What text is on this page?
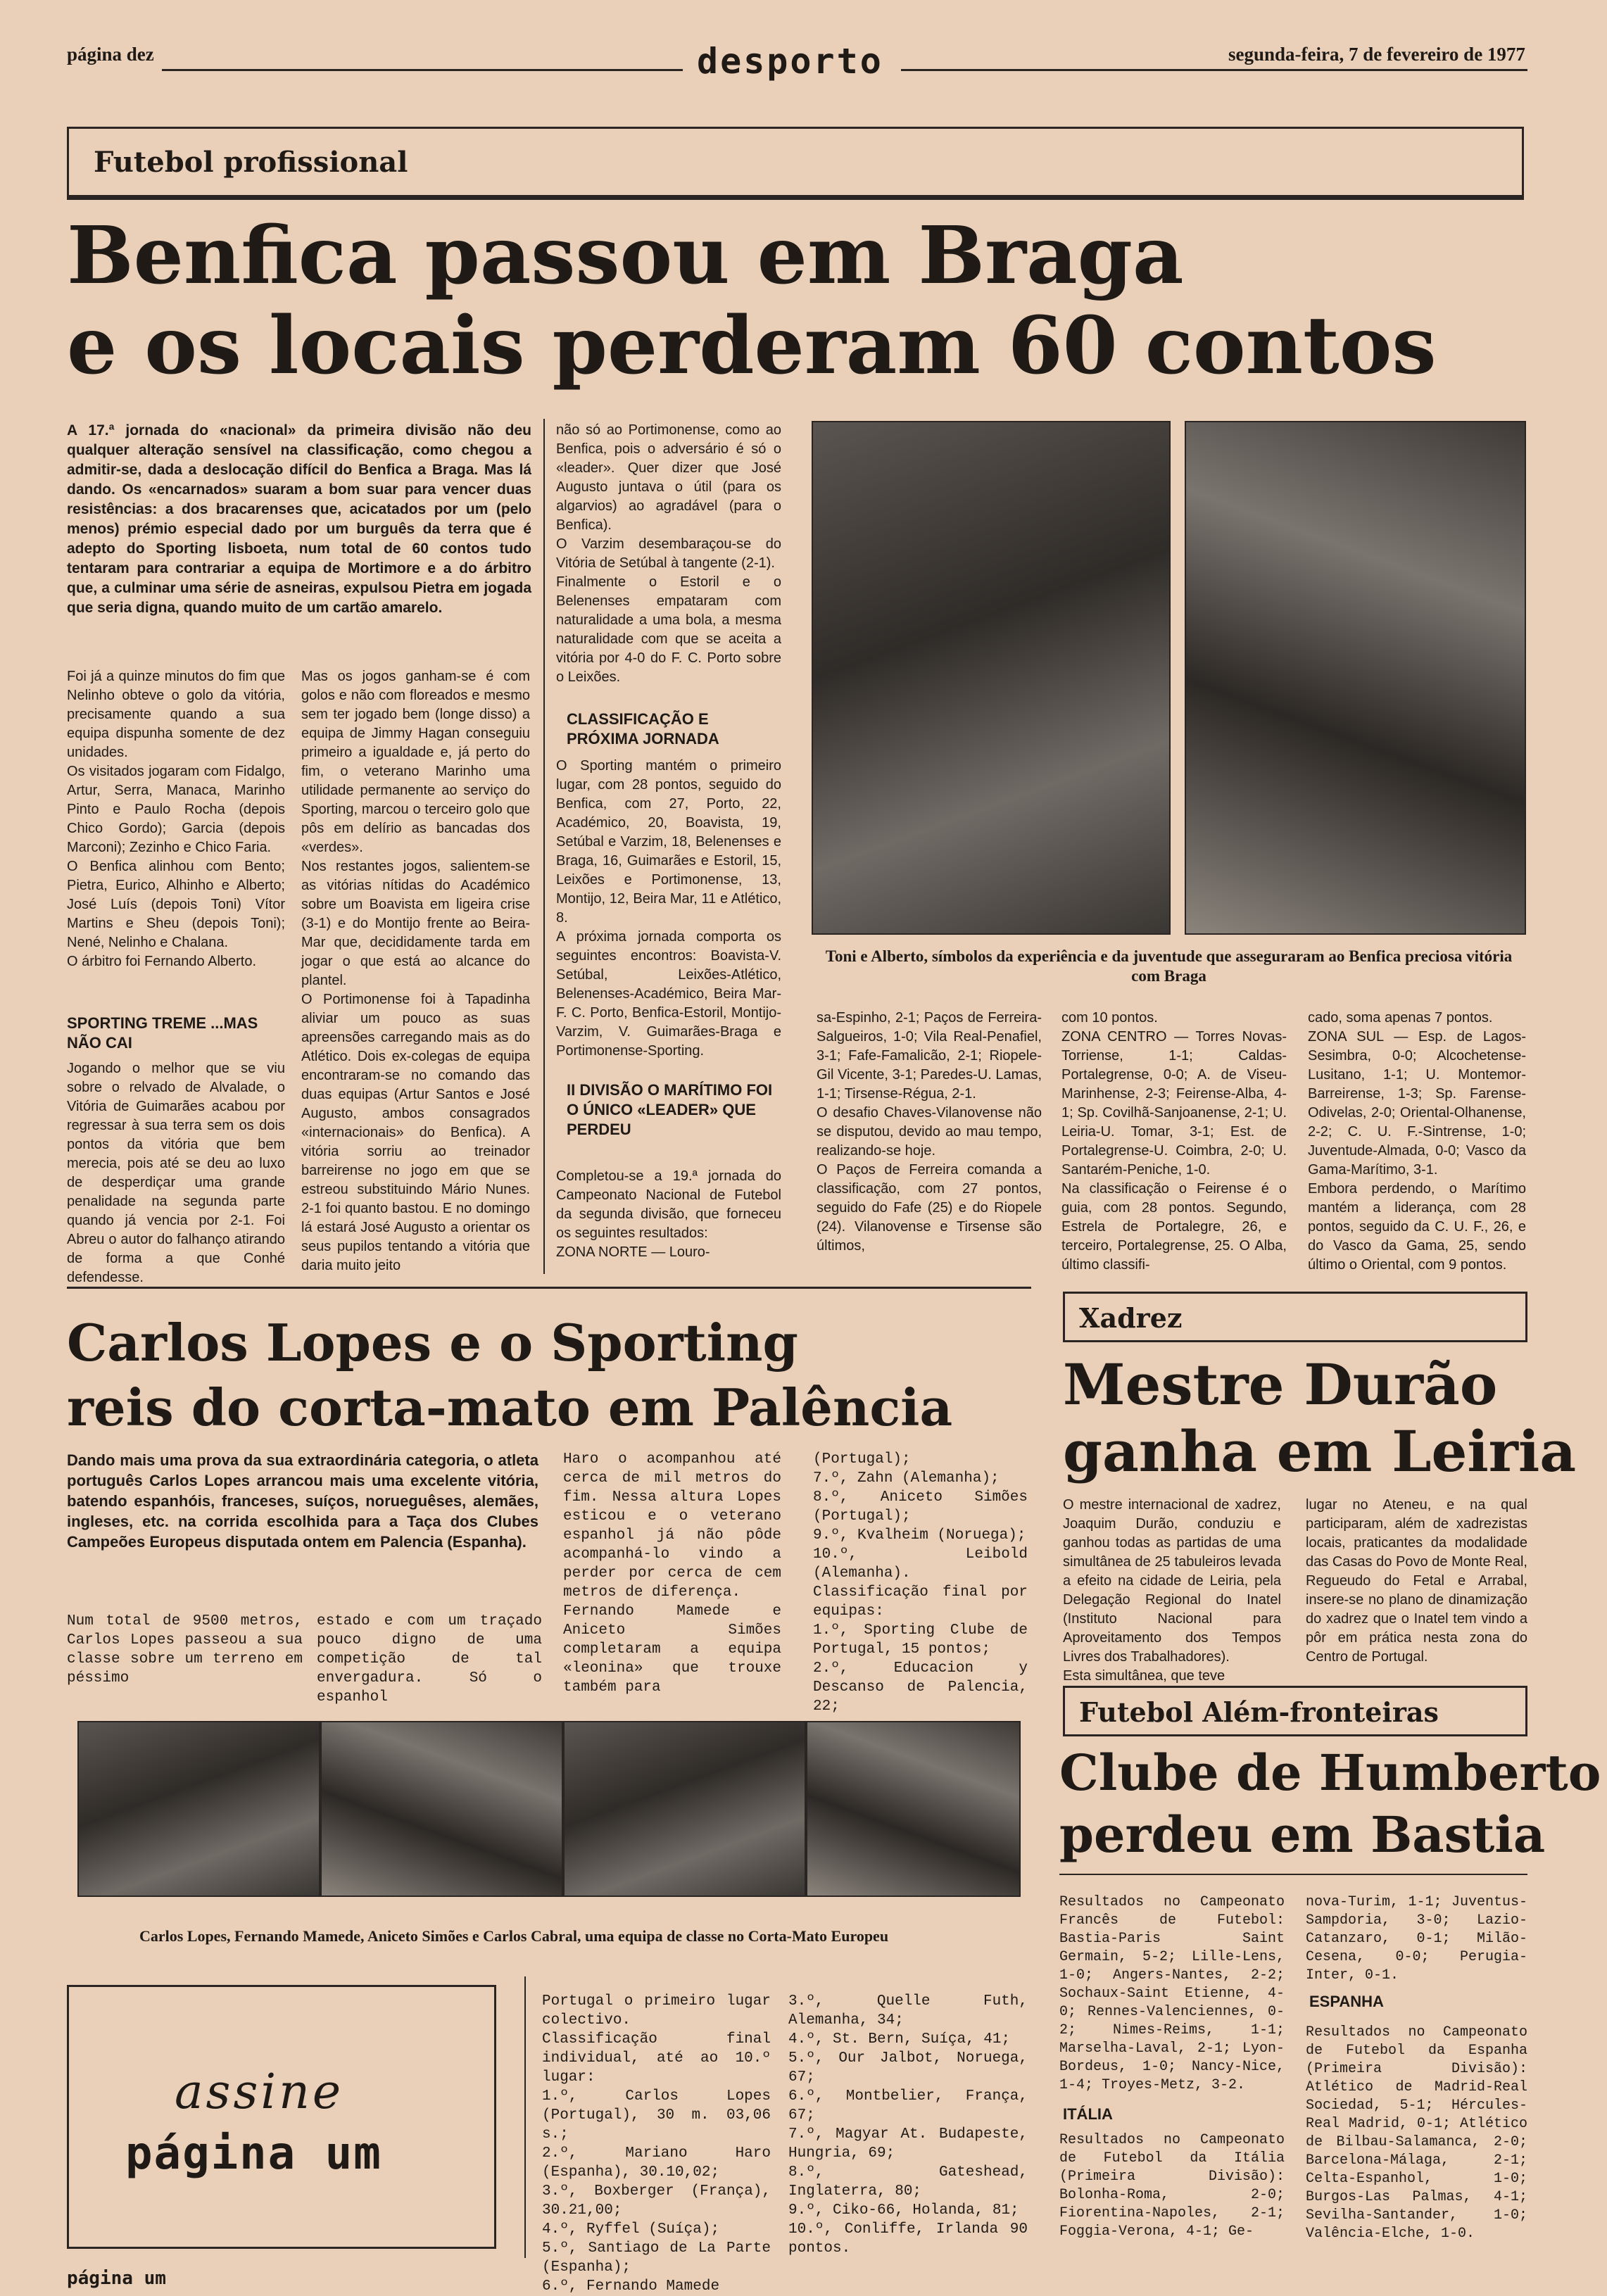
página dez	desporto	segunda-feira, 7 de fevereiro de 1977
Futebol profissional
Benfica passou em Braga
e os locais perderam 60 contos
A 17.ª jornada do «nacional» da primeira divisão não deu qualquer alteração sensível na classificação, como chegou a admitir-se, dada a deslocação difícil do Benfica a Braga. Mas lá dando. Os «encarnados» suaram a bom suar para vencer duas resistências: a dos bracarenses que, acicatados por um (pelo menos) prémio especial dado por um burguês da terra que é adepto do Sporting lisboeta, num total de 60 contos tudo tentaram para contrariar a equipa de Mortimore e a do árbitro que, a culminar uma série de asneiras, expulsou Pietra em jogada que seria digna, quando muito de um cartão amarelo.
Foi já a quinze minutos do fim que Nelinho obteve o golo da vitória, precisamente quando a sua equipa dispunha somente de dez unidades.
Os visitados jogaram com Fidalgo, Artur, Serra, Manaca, Marinho Pinto e Paulo Rocha (depois Chico Gordo); Garcia (depois Marconi); Zezinho e Chico Faria.
O Benfica alinhou com Bento; Pietra, Eurico, Alhinho e Alberto; José Luís (depois Toni) Vítor Martins e Sheu (depois Toni); Nené, Nelinho e Chalana.
O árbitro foi Fernando Alberto.
SPORTING TREME ...MAS NÃO CAI
Jogando o melhor que se viu sobre o relvado de Alvalade, o Vitória de Guimarães acabou por regressar à sua terra sem os dois pontos da vitória que bem merecia, pois até se deu ao luxo de desperdiçar uma grande penalidade na segunda parte quando já vencia por 2-1. Foi Abreu o autor do falhanço atirando de forma a que Conhé defendesse.
Mas os jogos ganham-se é com golos e não com floreados e mesmo sem ter jogado bem (longe disso) a equipa de Jimmy Hagan conseguiu primeiro a igualdade e, já perto do fim, o veterano Marinho uma utilidade permanente ao serviço do Sporting, marcou o terceiro golo que pôs em delírio as bancadas dos «verdes».
Nos restantes jogos, salientem-se as vitórias nítidas do Académico sobre um Boavista em ligeira crise (3-1) e do Montijo frente ao Beira-Mar que, decididamente tarda em jogar o que está ao alcance do plantel.
O Portimonense foi à Tapadinha aliviar um pouco as suas apreensões carregando mais as do Atlético. Dois ex-colegas de equipa encontraram-se no comando das duas equipas (Artur Santos e José Augusto, ambos consagrados «internacionais» do Benfica). A vitória sorriu ao treinador barreirense no jogo em que se estreou substituindo Mário Nunes. 2-1 foi quanto bastou. E no domingo lá estará José Augusto a orientar os seus pupilos tentando a vitória que daria muito jeito
não só ao Portimonense, como ao Benfica, pois o adversário é só o «leader». Quer dizer que José Augusto juntava o útil (para os algarvios) ao agradável (para o Benfica).
O Varzim desembaraçou-se do Vitória de Setúbal à tangente (2-1).
Finalmente o Estoril e o Belenenses empataram com naturalidade a uma bola, a mesma naturalidade com que se aceita a vitória por 4-0 do F. C. Porto sobre o Leixões.
CLASSIFICAÇÃO E PRÓXIMA JORNADA
O Sporting mantém o primeiro lugar, com 28 pontos, seguido do Benfica, com 27, Porto, 22, Académico, 20, Boavista, 19, Setúbal e Varzim, 18, Belenenses e Braga, 16, Guimarães e Estoril, 15, Leixões e Portimonense, 13, Montijo, 12, Beira Mar, 11 e Atlético, 8.
A próxima jornada comporta os seguintes encontros: Boavista-V. Setúbal, Leixões-Atlético, Belenenses-Académico, Beira Mar-F. C. Porto, Benfica-Estoril, Montijo-Varzim, V. Guimarães-Braga e Portimonense-Sporting.
II DIVISÃO O MARÍTIMO FOI O ÚNICO «LEADER» QUE PERDEU
Completou-se a 19.ª jornada do Campeonato Nacional de Futebol da segunda divisão, que forneceu os seguintes resultados:
ZONA NORTE — Louro-
Toni e Alberto, símbolos da experiência e da juventude que asseguraram ao Benfica preciosa vitória com Braga
sa-Espinho, 2-1; Paços de Ferreira-Salgueiros, 1-0; Vila Real-Penafiel, 3-1; Fafe-Famalicão, 2-1; Riopele-Gil Vicente, 3-1; Paredes-U. Lamas, 1-1; Tirsense-Régua, 2-1.
O desafio Chaves-Vilanovense não se disputou, devido ao mau tempo, realizando-se hoje.
O Paços de Ferreira comanda a classificação, com 27 pontos, seguido do Fafe (25) e do Riopele (24). Vilanovense e Tirsense são últimos,
com 10 pontos.
ZONA CENTRO — Torres Novas-Torriense, 1-1; Caldas-Portalegrense, 0-0; A. de Viseu-Marinhense, 2-3; Feirense-Alba, 4-1; Sp. Covilhã-Sanjoanense, 2-1; U. Leiria-U. Tomar, 3-1; Est. de Portalegrense-U. Coimbra, 2-0; U. Santarém-Peniche, 1-0.
Na classificação o Feirense é o guia, com 28 pontos. Segundo, Estrela de Portalegre, 26, e terceiro, Portalegrense, 25. O Alba, último classifi-
cado, soma apenas 7 pontos.
ZONA SUL — Esp. de Lagos-Sesimbra, 0-0; Alcochetense-Lusitano, 1-1; U. Montemor-Barreirense, 1-3; Sp. Farense-Odivelas, 2-0; Oriental-Olhanense, 2-2; C. U. F.-Sintrense, 1-0; Juventude-Almada, 0-0; Vasco da Gama-Marítimo, 3-1.
Embora perdendo, o Marítimo mantém a liderança, com 28 pontos, seguido da C. U. F., 26, e do Vasco da Gama, 25, sendo último o Oriental, com 9 pontos.
Carlos Lopes e o Sporting
reis do corta-mato em Palência
Dando mais uma prova da sua extraordinária categoria, o atleta português Carlos Lopes arrancou mais uma excelente vitória, batendo espanhóis, franceses, suíços, norueguêses, alemães, ingleses, etc. na corrida escolhida para a Taça dos Clubes Campeões Europeus disputada ontem em Palencia (Espanha).
Num total de 9500 metros, Carlos Lopes passeou a sua classe sobre um terreno em péssimo
estado e com um traçado pouco digno de uma competição de tal envergadura. Só o espanhol
Haro o acompanhou até cerca de mil metros do fim. Nessa altura Lopes esticou e o veterano espanhol já não pôde acompanhá-lo vindo a perder por cerca de cem metros de diferença.
Fernando Mamede e Aniceto Simões completaram a equipa «leonina» que trouxe também para
(Portugal);
7.º, Zahn (Alemanha);
8.º, Aniceto Simões (Portugal);
9.º, Kvalheim (Noruega);
10.º, Leibold (Alemanha).
Classificação final por equipas:
1.º, Sporting Clube de Portugal, 15 pontos;
2.º, Educacion y Descanso de Palencia, 22;
Carlos Lopes, Fernando Mamede, Aniceto Simões e Carlos Cabral, uma equipa de classe no Corta-Mato Europeu
Portugal o primeiro lugar colectivo.
Classificação final individual, até ao 10.º lugar:
1.º, Carlos Lopes (Portugal), 30 m. 03,06 s.;
2.º, Mariano Haro (Espanha), 30.10,02;
3.º, Boxberger (França), 30.21,00;
4.º, Ryffel (Suíça);
5.º, Santiago de La Parte (Espanha);
6.º, Fernando Mamede
3.º, Quelle Futh, Alemanha, 34;
4.º, St. Bern, Suíça, 41;
5.º, Our Jalbot, Noruega, 67;
6.º, Montbelier, França, 67;
7.º, Magyar At. Budapeste, Hungria, 69;
8.º, Gateshead, Inglaterra, 80;
9.º, Ciko-66, Holanda, 81;
10.º, Conliffe, Irlanda 90 pontos.
assine
página um
Xadrez
Mestre Durão
ganha em Leiria
O mestre internacional de xadrez, Joaquim Durão, conduziu e ganhou todas as partidas de uma simultânea de 25 tabuleiros levada a efeito na cidade de Leiria, pela Delegação Regional do Inatel (Instituto Nacional para Aproveitamento dos Tempos Livres dos Trabalhadores).
Esta simultânea, que teve
lugar no Ateneu, e na qual participaram, além de xadrezistas locais, praticantes da modalidade das Casas do Povo de Monte Real, Regueudo do Fetal e Arrabal, insere-se no plano de dinamização do xadrez que o Inatel tem vindo a pôr em prática nesta zona do Centro de Portugal.
Futebol Além-fronteiras
Clube de Humberto
perdeu em Bastia
Resultados no Campeonato Francês de Futebol: Bastia-Paris Saint Germain, 5-2; Lille-Lens, 1-0; Angers-Nantes, 2-2; Sochaux-Saint Etienne, 4-0; Rennes-Valenciennes, 0-2; Nimes-Reims, 1-1; Marselha-Laval, 2-1; Lyon-Bordeus, 1-0; Nancy-Nice, 1-4; Troyes-Metz, 3-2.
ITÁLIA
Resultados no Campeonato de Futebol da Itália (Primeira Divisão): Bolonha-Roma, 2-0; Fiorentina-Napoles, 2-1; Foggia-Verona, 4-1; Ge-
nova-Turim, 1-1; Juventus-Sampdoria, 3-0; Lazio-Catanzaro, 0-1; Milão-Cesena, 0-0; Perugia-Inter, 0-1.
ESPANHA
Resultados no Campeonato de Futebol da Espanha (Primeira Divisão): Atlético de Madrid-Real Sociedad, 5-1; Hércules-Real Madrid, 0-1; Atlético de Bilbau-Salamanca, 2-0; Barcelona-Málaga, 2-1; Celta-Espanhol, 1-0; Burgos-Las Palmas, 4-1; Sevilha-Santander, 1-0; Valência-Elche, 1-0.
página um
